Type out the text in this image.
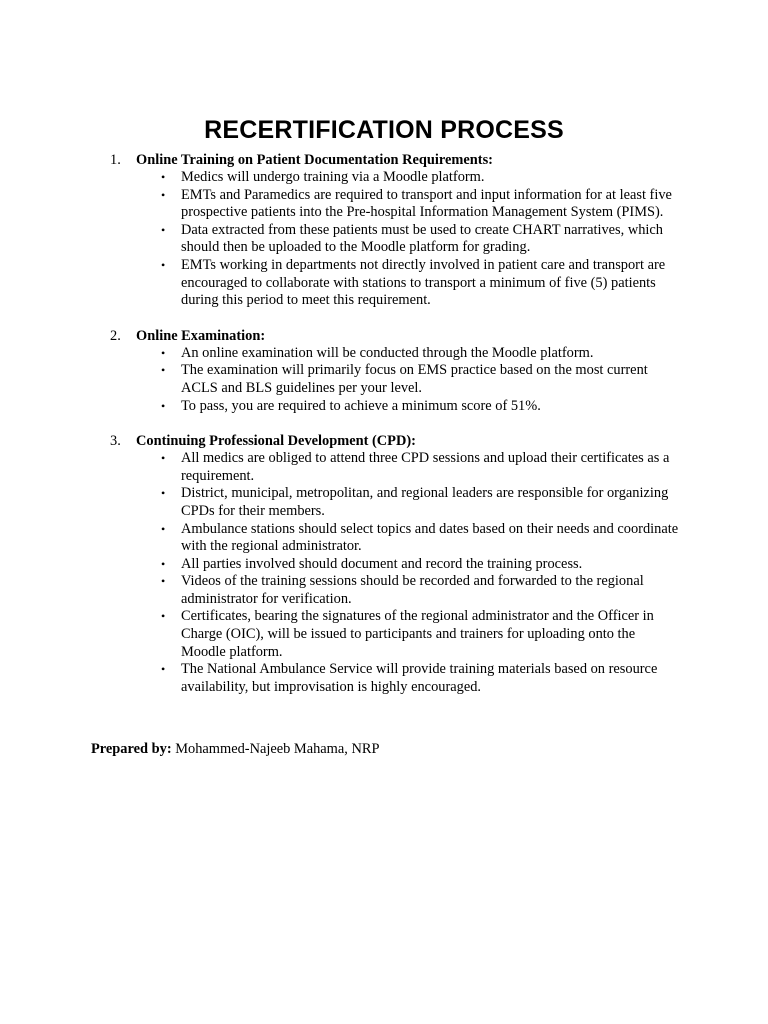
RECERTIFICATION PROCESS
1. Online Training on Patient Documentation Requirements:
• Medics will undergo training via a Moodle platform.
• EMTs and Paramedics are required to transport and input information for at least five prospective patients into the Pre-hospital Information Management System (PIMS).
• Data extracted from these patients must be used to create CHART narratives, which should then be uploaded to the Moodle platform for grading.
• EMTs working in departments not directly involved in patient care and transport are encouraged to collaborate with stations to transport a minimum of five (5) patients during this period to meet this requirement.
2. Online Examination:
• An online examination will be conducted through the Moodle platform.
• The examination will primarily focus on EMS practice based on the most current ACLS and BLS guidelines per your level.
• To pass, you are required to achieve a minimum score of 51%.
3. Continuing Professional Development (CPD):
• All medics are obliged to attend three CPD sessions and upload their certificates as a requirement.
• District, municipal, metropolitan, and regional leaders are responsible for organizing CPDs for their members.
• Ambulance stations should select topics and dates based on their needs and coordinate with the regional administrator.
• All parties involved should document and record the training process.
• Videos of the training sessions should be recorded and forwarded to the regional administrator for verification.
• Certificates, bearing the signatures of the regional administrator and the Officer in Charge (OIC), will be issued to participants and trainers for uploading onto the Moodle platform.
• The National Ambulance Service will provide training materials based on resource availability, but improvisation is highly encouraged.
Prepared by: Mohammed-Najeeb Mahama, NRP
